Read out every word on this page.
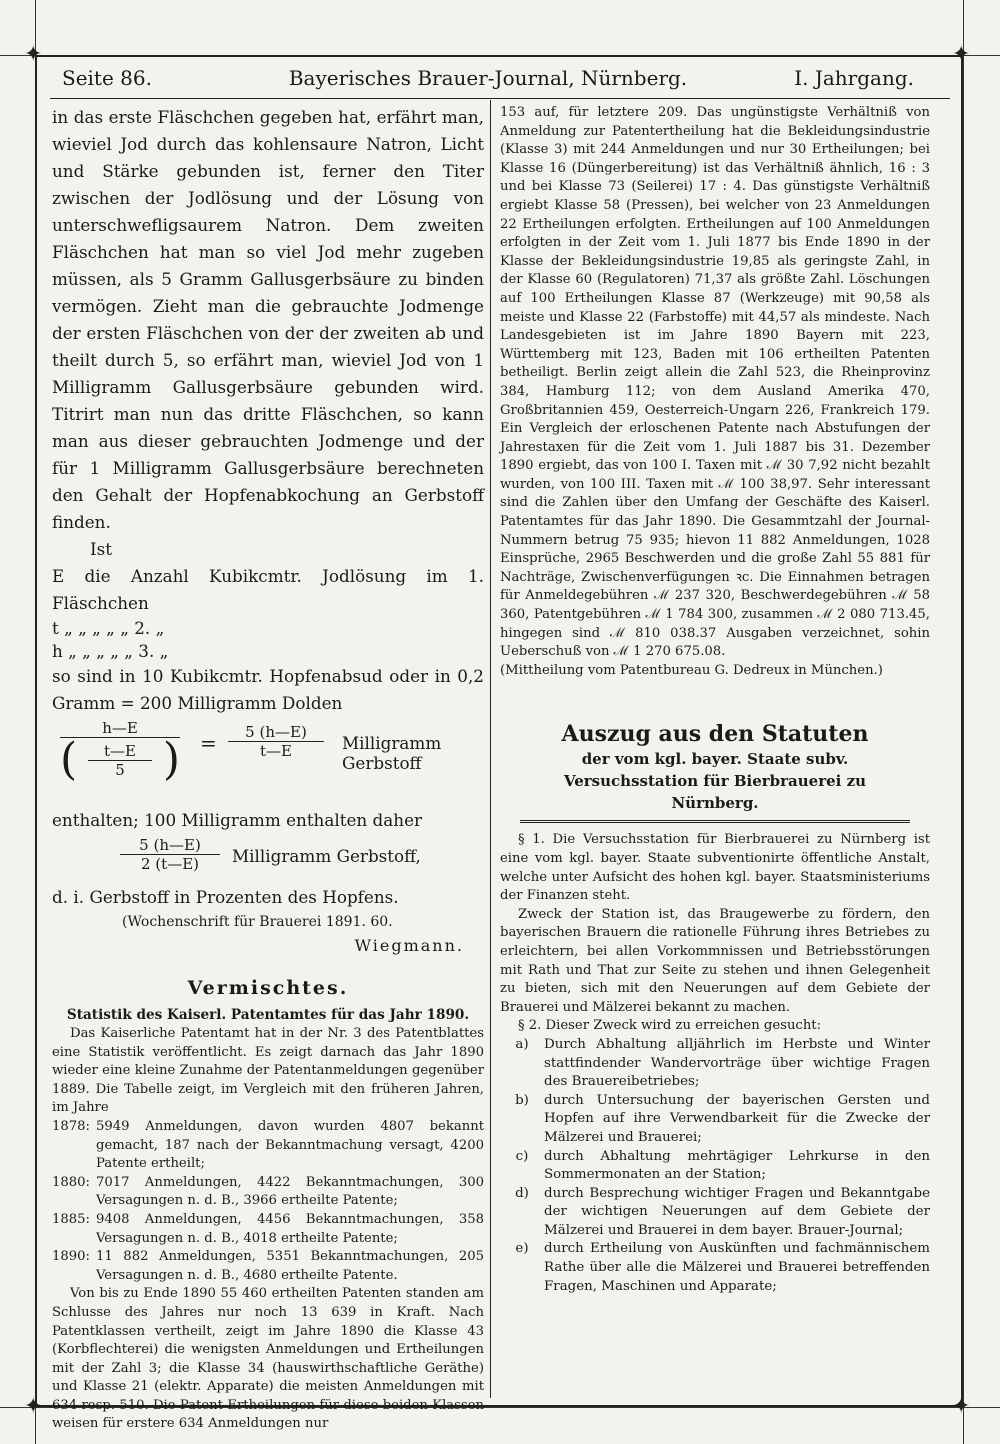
✦	✦
✦	✦
Seite 86.	Bayerisches Brauer-Journal, Nürnberg.	I. Jahrgang.

in das erste Fläschchen gegeben hat, erfährt man, wieviel Jod durch das kohlensaure Natron, Licht und Stärke gebunden ist, ferner den Titer zwischen der Jodlösung und der Lösung von unterschwefligsaurem Natron. Dem zweiten Fläschchen hat man so viel Jod mehr zugeben müssen, als 5 Gramm Gallusgerbsäure zu binden vermögen. Zieht man die gebrauchte Jodmenge der ersten Fläschchen von der der zweiten ab und theilt durch 5, so erfährt man, wieviel Jod von 1 Milligramm Gallusgerbsäure gebunden wird. Titrirt man nun das dritte Fläschchen, so kann man aus dieser gebrauchten Jodmenge und der für 1 Milligramm Gallusgerbsäure berechneten den Gehalt der Hopfenabkochung an Gerbstoff finden.

Ist

E die Anzahl Kubikcmtr. Jodlösung im 1. Fläschchen

t „ „ „ „ „ 2. „

h „ „ „ „ „ 3. „

so sind in 10 Kubikcmtr. Hopfenabsud oder in 0,2 Gramm = 200 Milligramm Dolden

h—E
( )
$\frac{t—E}{5} = \frac{5 (h—E)}{t—E}$ Milligramm Gerbstoff

enthalten; 100 Milligramm enthalten daher

$\frac{5 (h—E)}{2 (t—E)}$ Milligramm Gerbstoff,

d. i. Gerbstoff in Prozenten des Hopfens.

(Wochenschrift für Brauerei 1891. 60.

Wiegmann.

Vermischtes.
Statistik des Kaiserl. Patentamtes für das Jahr 1890.

Das Kaiserliche Patentamt hat in der Nr. 3 des Patentblattes eine Statistik veröffentlicht. Es zeigt darnach das Jahr 1890 wieder eine kleine Zunahme der Patentanmeldungen gegenüber 1889. Die Tabelle zeigt, im Vergleich mit den früheren Jahren, im Jahre

1878: 5949 Anmeldungen, davon wurden 4807 bekannt gemacht, 187 nach der Bekanntmachung versagt, 4200 Patente ertheilt;
1880: 7017 Anmeldungen, 4422 Bekanntmachungen, 300 Versagungen n. d. B., 3966 ertheilte Patente;
1885: 9408 Anmeldungen, 4456 Bekanntmachungen, 358 Versagungen n. d. B., 4018 ertheilte Patente;
1890: 11 882 Anmeldungen, 5351 Bekanntmachungen, 205 Versagungen n. d. B., 4680 ertheilte Patente.

Von bis zu Ende 1890 55 460 ertheilten Patenten standen am Schlusse des Jahres nur noch 13 639 in Kraft. Nach Patentklassen vertheilt, zeigt im Jahre 1890 die Klasse 43 (Korbflechterei) die wenigsten Anmeldungen und Ertheilungen mit der Zahl 3; die Klasse 34 (hauswirthschaftliche Geräthe) und Klasse 21 (elektr. Apparate) die meisten Anmeldungen mit 634 resp. 510. Die Patent-Ertheilungen für diese beiden Klassen weisen für erstere 634 Anmeldungen nur

153 auf, für letztere 209. Das ungünstigste Verhältniß von Anmeldung zur Patentertheilung hat die Bekleidungsindustrie (Klasse 3) mit 244 Anmeldungen und nur 30 Ertheilungen; bei Klasse 16 (Düngerbereitung) ist das Verhältniß ähnlich, 16 : 3 und bei Klasse 73 (Seilerei) 17 : 4. Das günstigste Verhältniß ergiebt Klasse 58 (Pressen), bei welcher von 23 Anmeldungen 22 Ertheilungen erfolgten. Ertheilungen auf 100 Anmeldungen erfolgten in der Zeit vom 1. Juli 1877 bis Ende 1890 in der Klasse der Bekleidungsindustrie 19,85 als geringste Zahl, in der Klasse 60 (Regulatoren) 71,37 als größte Zahl. Löschungen auf 100 Ertheilungen Klasse 87 (Werkzeuge) mit 90,58 als meiste und Klasse 22 (Farbstoffe) mit 44,57 als mindeste. Nach Landesgebieten ist im Jahre 1890 Bayern mit 223, Württemberg mit 123, Baden mit 106 ertheilten Patenten betheiligt. Berlin zeigt allein die Zahl 523, die Rheinprovinz 384, Hamburg 112; von dem Ausland Amerika 470, Großbritannien 459, Oesterreich-Ungarn 226, Frankreich 179. Ein Vergleich der erloschenen Patente nach Abstufungen der Jahrestaxen für die Zeit vom 1. Juli 1887 bis 31. Dezember 1890 ergiebt, das von 100 I. Taxen mit ℳ 30 7,92 nicht bezahlt wurden, von 100 III. Taxen mit ℳ 100 38,97. Sehr interessant sind die Zahlen über den Umfang der Geschäfte des Kaiserl. Patentamtes für das Jahr 1890. Die Gesammtzahl der Journal-Nummern betrug 75 935; hievon 11 882 Anmeldungen, 1028 Einsprüche, 2965 Beschwerden und die große Zahl 55 881 für Nachträge, Zwischenverfügungen ꝛc. Die Einnahmen betragen für Anmeldegebühren ℳ 237 320, Beschwerdegebühren ℳ 58 360, Patentgebühren ℳ 1 784 300, zusammen ℳ 2 080 713.45, hingegen sind ℳ 810 038.37 Ausgaben verzeichnet, sohin Ueberschuß von ℳ 1 270 675.08.

(Mittheilung vom Patentbureau G. Dedreux in München.)

Auszug aus den Statuten
der vom kgl. bayer. Staate subv. Versuchsstation für Bierbrauerei zu Nürnberg.

§ 1. Die Versuchsstation für Bierbrauerei zu Nürnberg ist eine vom kgl. bayer. Staate subventionirte öffentliche Anstalt, welche unter Aufsicht des hohen kgl. bayer. Staatsministeriums der Finanzen steht.

Zweck der Station ist, das Braugewerbe zu fördern, den bayerischen Brauern die rationelle Führung ihres Betriebes zu erleichtern, bei allen Vorkommnissen und Betriebsstörungen mit Rath und That zur Seite zu stehen und ihnen Gelegenheit zu bieten, sich mit den Neuerungen auf dem Gebiete der Brauerei und Mälzerei bekannt zu machen.

§ 2. Dieser Zweck wird zu erreichen gesucht:

a)	Durch Abhaltung alljährlich im Herbste und Winter stattfindender Wandervorträge über wichtige Fragen des Brauereibetriebes;
b)	durch Untersuchung der bayerischen Gersten und Hopfen auf ihre Verwendbarkeit für die Zwecke der Mälzerei und Brauerei;
c)	durch Abhaltung mehrtägiger Lehrkurse in den Sommermonaten an der Station;
d)	durch Besprechung wichtiger Fragen und Bekanntgabe der wichtigen Neuerungen auf dem Gebiete der Mälzerei und Brauerei in dem bayer. Brauer-Journal;
e)	durch Ertheilung von Auskünften und fachmännischem Rathe über alle die Mälzerei und Brauerei betreffenden Fragen, Maschinen und Apparate;
